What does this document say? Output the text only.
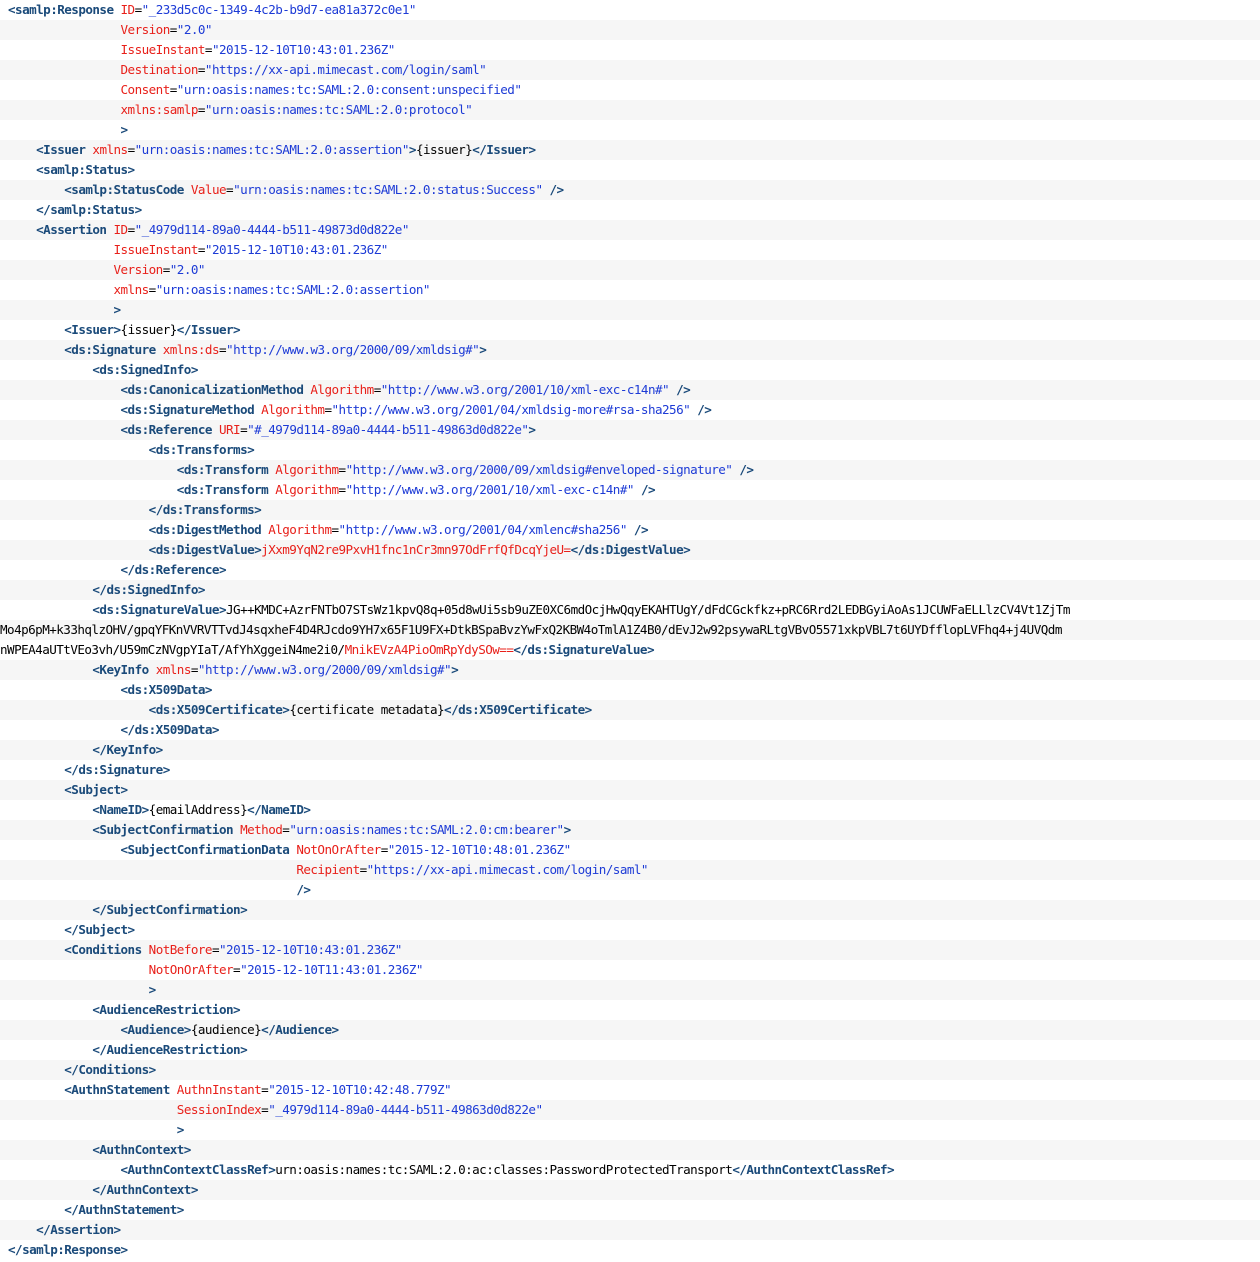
<samlp:Response ID="_233d5c0c-1349-4c2b-b9d7-ea81a372c0e1"
Version="2.0"
IssueInstant="2015-12-10T10:43:01.236Z"
Destination="https://xx-api.mimecast.com/login/saml"
Consent="urn:oasis:names:tc:SAML:2.0:consent:unspecified"
xmlns:samlp="urn:oasis:names:tc:SAML:2.0:protocol"
>
<Issuer xmlns="urn:oasis:names:tc:SAML:2.0:assertion">{issuer}</Issuer>
<samlp:Status>
<samlp:StatusCode Value="urn:oasis:names:tc:SAML:2.0:status:Success" />
</samlp:Status>
<Assertion ID="_4979d114-89a0-4444-b511-49873d0d822e"
IssueInstant="2015-12-10T10:43:01.236Z"
Version="2.0"
xmlns="urn:oasis:names:tc:SAML:2.0:assertion"
>
<Issuer>{issuer}</Issuer>
<ds:Signature xmlns:ds="http://www.w3.org/2000/09/xmldsig#">
<ds:SignedInfo>
<ds:CanonicalizationMethod Algorithm="http://www.w3.org/2001/10/xml-exc-c14n#" />
<ds:SignatureMethod Algorithm="http://www.w3.org/2001/04/xmldsig-more#rsa-sha256" />
<ds:Reference URI="#_4979d114-89a0-4444-b511-49863d0d822e">
<ds:Transforms>
<ds:Transform Algorithm="http://www.w3.org/2000/09/xmldsig#enveloped-signature" />
<ds:Transform Algorithm="http://www.w3.org/2001/10/xml-exc-c14n#" />
</ds:Transforms>
<ds:DigestMethod Algorithm="http://www.w3.org/2001/04/xmlenc#sha256" />
<ds:DigestValue>jXxm9YqN2re9PxvH1fnc1nCr3mn97OdFrfQfDcqYjeU=</ds:DigestValue>
</ds:Reference>
</ds:SignedInfo>
<ds:SignatureValue>JG++KMDC+AzrFNTbO7STsWz1kpvQ8q+05d8wUi5sb9uZE0XC6mdOcjHwQqyEKAHTUgY/dFdCGckfkz+pRC6Rrd2LEDBGyiAoAs1JCUWFaELLlzCV4Vt1ZjTm
Mo4p6pM+k33hqlzOHV/gpqYFKnVVRVTTvdJ4sqxheF4D4RJcdo9YH7x65F1U9FX+DtkBSpaBvzYwFxQ2KBW4oTmlA1Z4B0/dEvJ2w92psywaRLtgVBvO5571xkpVBL7t6UYDfflopLVFhq4+j4UVQdm
nWPEA4aUTtVEo3vh/U59mCzNVgpYIaT/AfYhXggeiN4me2i0/MnikEVzA4PioOmRpYdySOw==</ds:SignatureValue>
<KeyInfo xmlns="http://www.w3.org/2000/09/xmldsig#">
<ds:X509Data>
<ds:X509Certificate>{certificate metadata}</ds:X509Certificate>
</ds:X509Data>
</KeyInfo>
</ds:Signature>
<Subject>
<NameID>{emailAddress}</NameID>
<SubjectConfirmation Method="urn:oasis:names:tc:SAML:2.0:cm:bearer">
<SubjectConfirmationData NotOnOrAfter="2015-12-10T10:48:01.236Z"
Recipient="https://xx-api.mimecast.com/login/saml"
/>
</SubjectConfirmation>
</Subject>
<Conditions NotBefore="2015-12-10T10:43:01.236Z"
NotOnOrAfter="2015-12-10T11:43:01.236Z"
>
<AudienceRestriction>
<Audience>{audience}</Audience>
</AudienceRestriction>
</Conditions>
<AuthnStatement AuthnInstant="2015-12-10T10:42:48.779Z"
SessionIndex="_4979d114-89a0-4444-b511-49863d0d822e"
>
<AuthnContext>
<AuthnContextClassRef>urn:oasis:names:tc:SAML:2.0:ac:classes:PasswordProtectedTransport</AuthnContextClassRef>
</AuthnContext>
</AuthnStatement>
</Assertion>
</samlp:Response>
